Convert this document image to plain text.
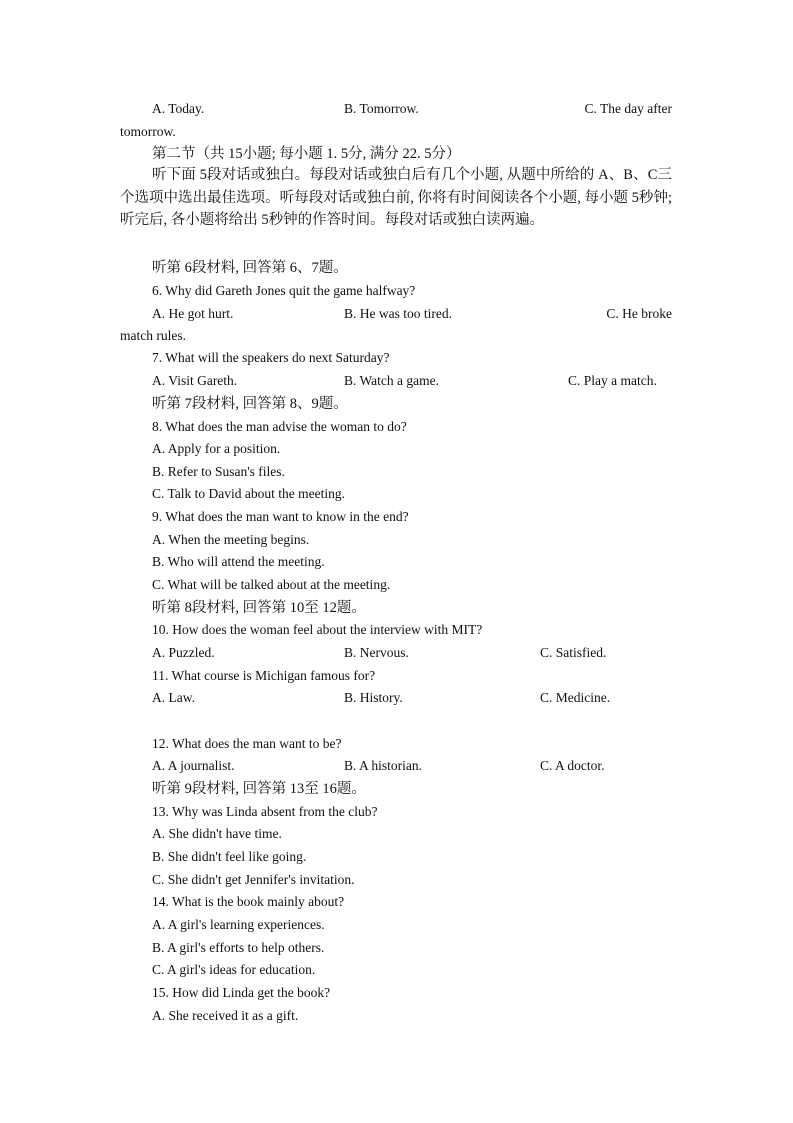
A. Today.	B. Tomorrow.	C. The day after
tomorrow.
第二节（共 15小题; 每小题 1. 5分, 满分 22. 5分）
听下面 5段对话或独白。每段对话或独白后有几个小题, 从题中所给的 A、B、C三个选项中选出最佳选项。听每段对话或独白前, 你将有时间阅读各个小题, 每小题 5秒钟; 听完后, 各小题将给出 5秒钟的作答时间。每段对话或独白读两遍。
听第 6段材料, 回答第 6、7题。
6. Why did Gareth Jones quit the game halfway?
A. He got hurt.	B. He was too tired.	C. He broke
match rules.
7. What will the speakers do next Saturday?
A. Visit Gareth.	B. Watch a game.	C. Play a match.
听第 7段材料, 回答第 8、9题。
8. What does the man advise the woman to do?
A. Apply for a position.
B. Refer to Susan's files.
C. Talk to David about the meeting.
9. What does the man want to know in the end?
A. When the meeting begins.
B. Who will attend the meeting.
C. What will be talked about at the meeting.
听第 8段材料, 回答第 10至 12题。
10. How does the woman feel about the interview with MIT?
A. Puzzled.	B. Nervous.	C. Satisfied.
11. What course is Michigan famous for?
A. Law.	B. History.	C. Medicine.
12. What does the man want to be?
A. A journalist.	B. A historian.	C. A doctor.
听第 9段材料, 回答第 13至 16题。
13. Why was Linda absent from the club?
A. She didn't have time.
B. She didn't feel like going.
C. She didn't get Jennifer's invitation.
14. What is the book mainly about?
A. A girl's learning experiences.
B. A girl's efforts to help others.
C. A girl's ideas for education.
15. How did Linda get the book?
A. She received it as a gift.
